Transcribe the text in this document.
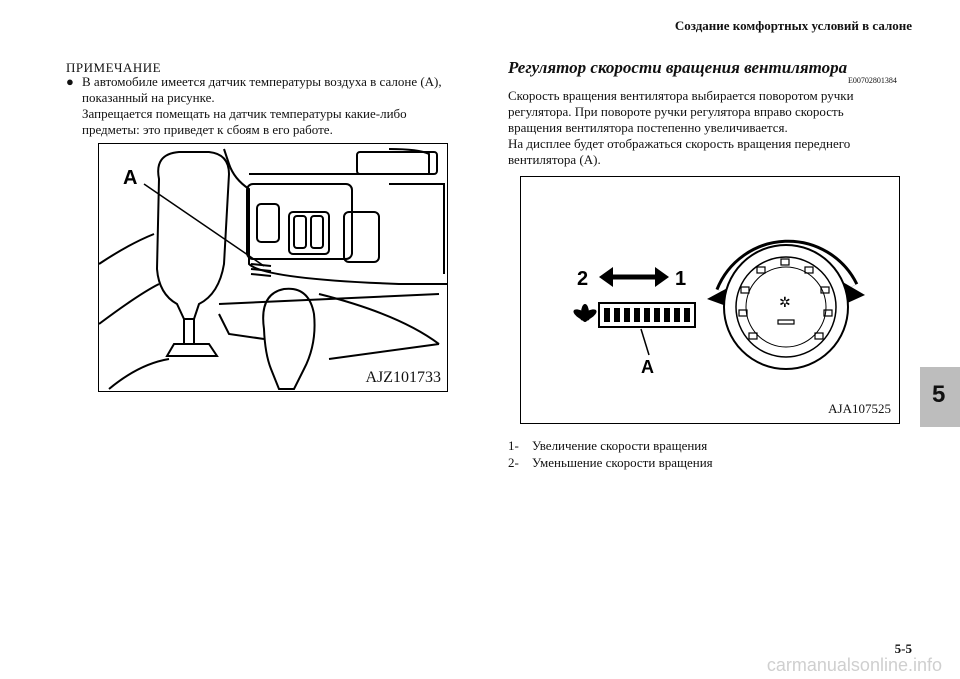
Создание комфортных условий в салоне
ПРИМЕЧАНИЕ
● В автомобиле имеется датчик температуры воздуха в салоне (A),
показанный на рисунке.
Запрещается помещать на датчик температуры какие-либо
предметы: это приведет к сбоям в его работе.
A
AJZ101733
Регулятор скорости вращения вентилятора
E00702801384
Скорость вращения вентилятора выбирается поворотом ручки
регулятора. При повороте ручки регулятора вправо скорость
вращения вентилятора постепенно увеличивается.
На дисплее будет отображаться скорость вращения переднего
вентилятора (A).
2	1
A
✲
AJA107525
1-	Увеличение скорости вращения
2-	Уменьшение скорости вращения
5
5-5
carmanualsonline.info
